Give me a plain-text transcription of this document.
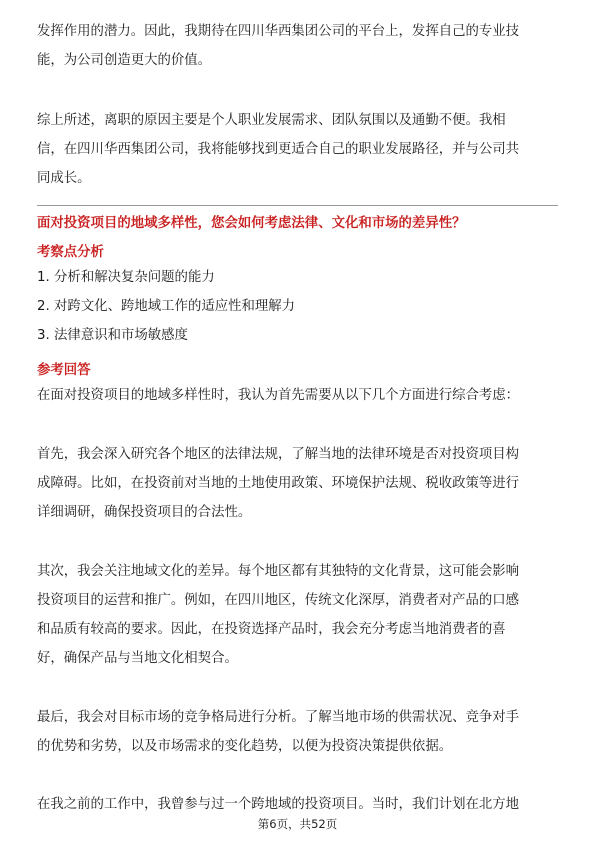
发挥作用的潜力。因此，我期待在四川华西集团公司的平台上，发挥自己的专业技
能，为公司创造更大的价值。
综上所述，离职的原因主要是个人职业发展需求、团队氛围以及通勤不便。我相
信，在四川华西集团公司，我将能够找到更适合自己的职业发展路径，并与公司共
同成长。
面对投资项目的地域多样性，您会如何考虑法律、文化和市场的差异性？
考察点分析
1. 分析和解决复杂问题的能力
2. 对跨文化、跨地域工作的适应性和理解力
3. 法律意识和市场敏感度
参考回答
在面对投资项目的地域多样性时，我认为首先需要从以下几个方面进行综合考虑：
首先，我会深入研究各个地区的法律法规，了解当地的法律环境是否对投资项目构
成障碍。比如，在投资前对当地的土地使用政策、环境保护法规、税收政策等进行
详细调研，确保投资项目的合法性。
其次，我会关注地域文化的差异。每个地区都有其独特的文化背景，这可能会影响
投资项目的运营和推广。例如，在四川地区，传统文化深厚，消费者对产品的口感
和品质有较高的要求。因此，在投资选择产品时，我会充分考虑当地消费者的喜
好，确保产品与当地文化相契合。
最后，我会对目标市场的竞争格局进行分析。了解当地市场的供需状况、竞争对手
的优势和劣势，以及市场需求的变化趋势，以便为投资决策提供依据。
在我之前的工作中，我曾参与过一个跨地域的投资项目。当时，我们计划在北方地
第6页，共52页
